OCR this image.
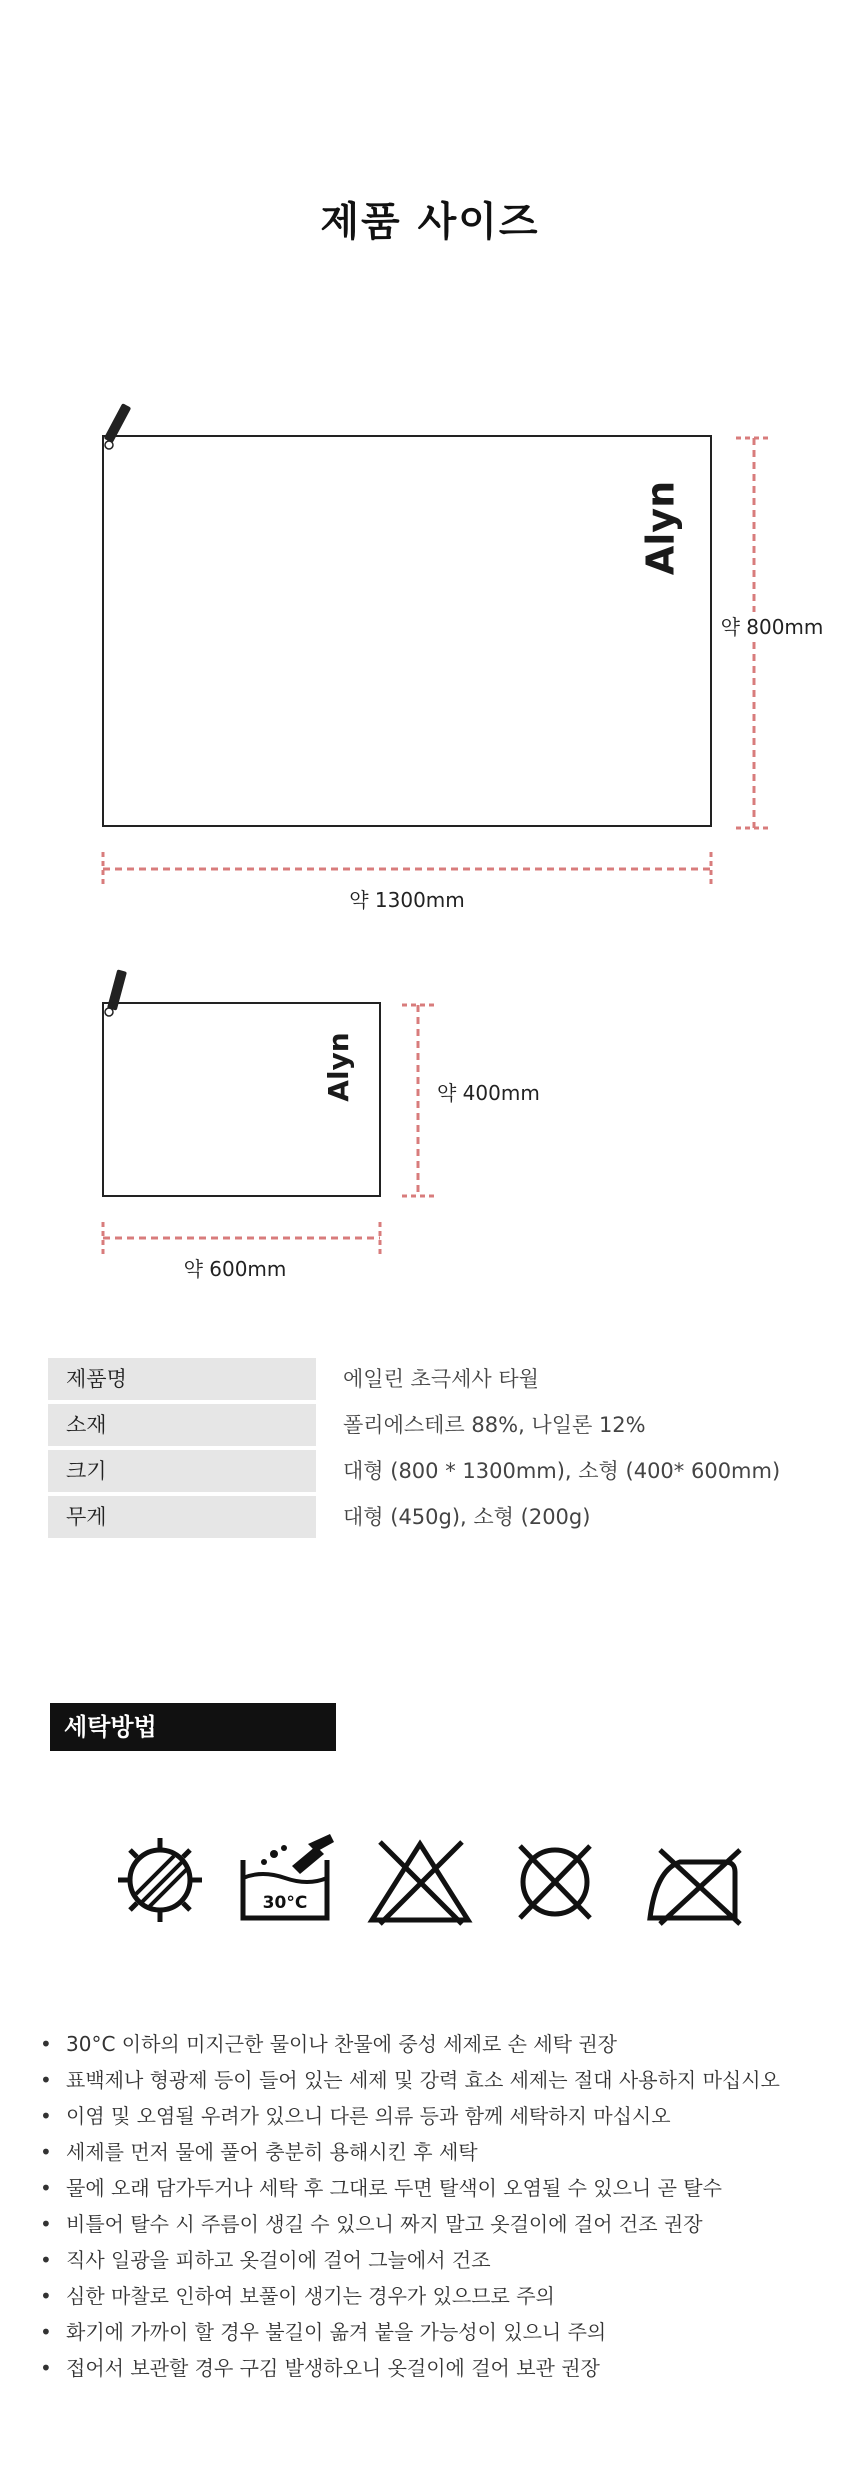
제품 사이즈
Alyn
약 800mm
약 1300mm
Alyn	약 400mm
약 600mm
제품명	에일린 초극세사 타월
소재	폴리에스테르 88%, 나일론 12%
크기	대형 (800 * 1300mm), 소형 (400* 600mm)
무게	대형 (450g), 소형 (200g)
세탁방법
30°C
• 30°C 이하의 미지근한 물이나 찬물에 중성 세제로 손 세탁 권장
• 표백제나 형광제 등이 들어 있는 세제 및 강력 효소 세제는 절대 사용하지 마십시오
• 이염 및 오염될 우려가 있으니 다른 의류 등과 함께 세탁하지 마십시오
• 세제를 먼저 물에 풀어 충분히 용해시킨 후 세탁
• 물에 오래 담가두거나 세탁 후 그대로 두면 탈색이 오염될 수 있으니 곧 탈수
• 비틀어 탈수 시 주름이 생길 수 있으니 짜지 말고 옷걸이에 걸어 건조 권장
• 직사 일광을 피하고 옷걸이에 걸어 그늘에서 건조
• 심한 마찰로 인하여 보풀이 생기는 경우가 있으므로 주의
• 화기에 가까이 할 경우 불길이 옮겨 붙을 가능성이 있으니 주의
• 접어서 보관할 경우 구김 발생하오니 옷걸이에 걸어 보관 권장
